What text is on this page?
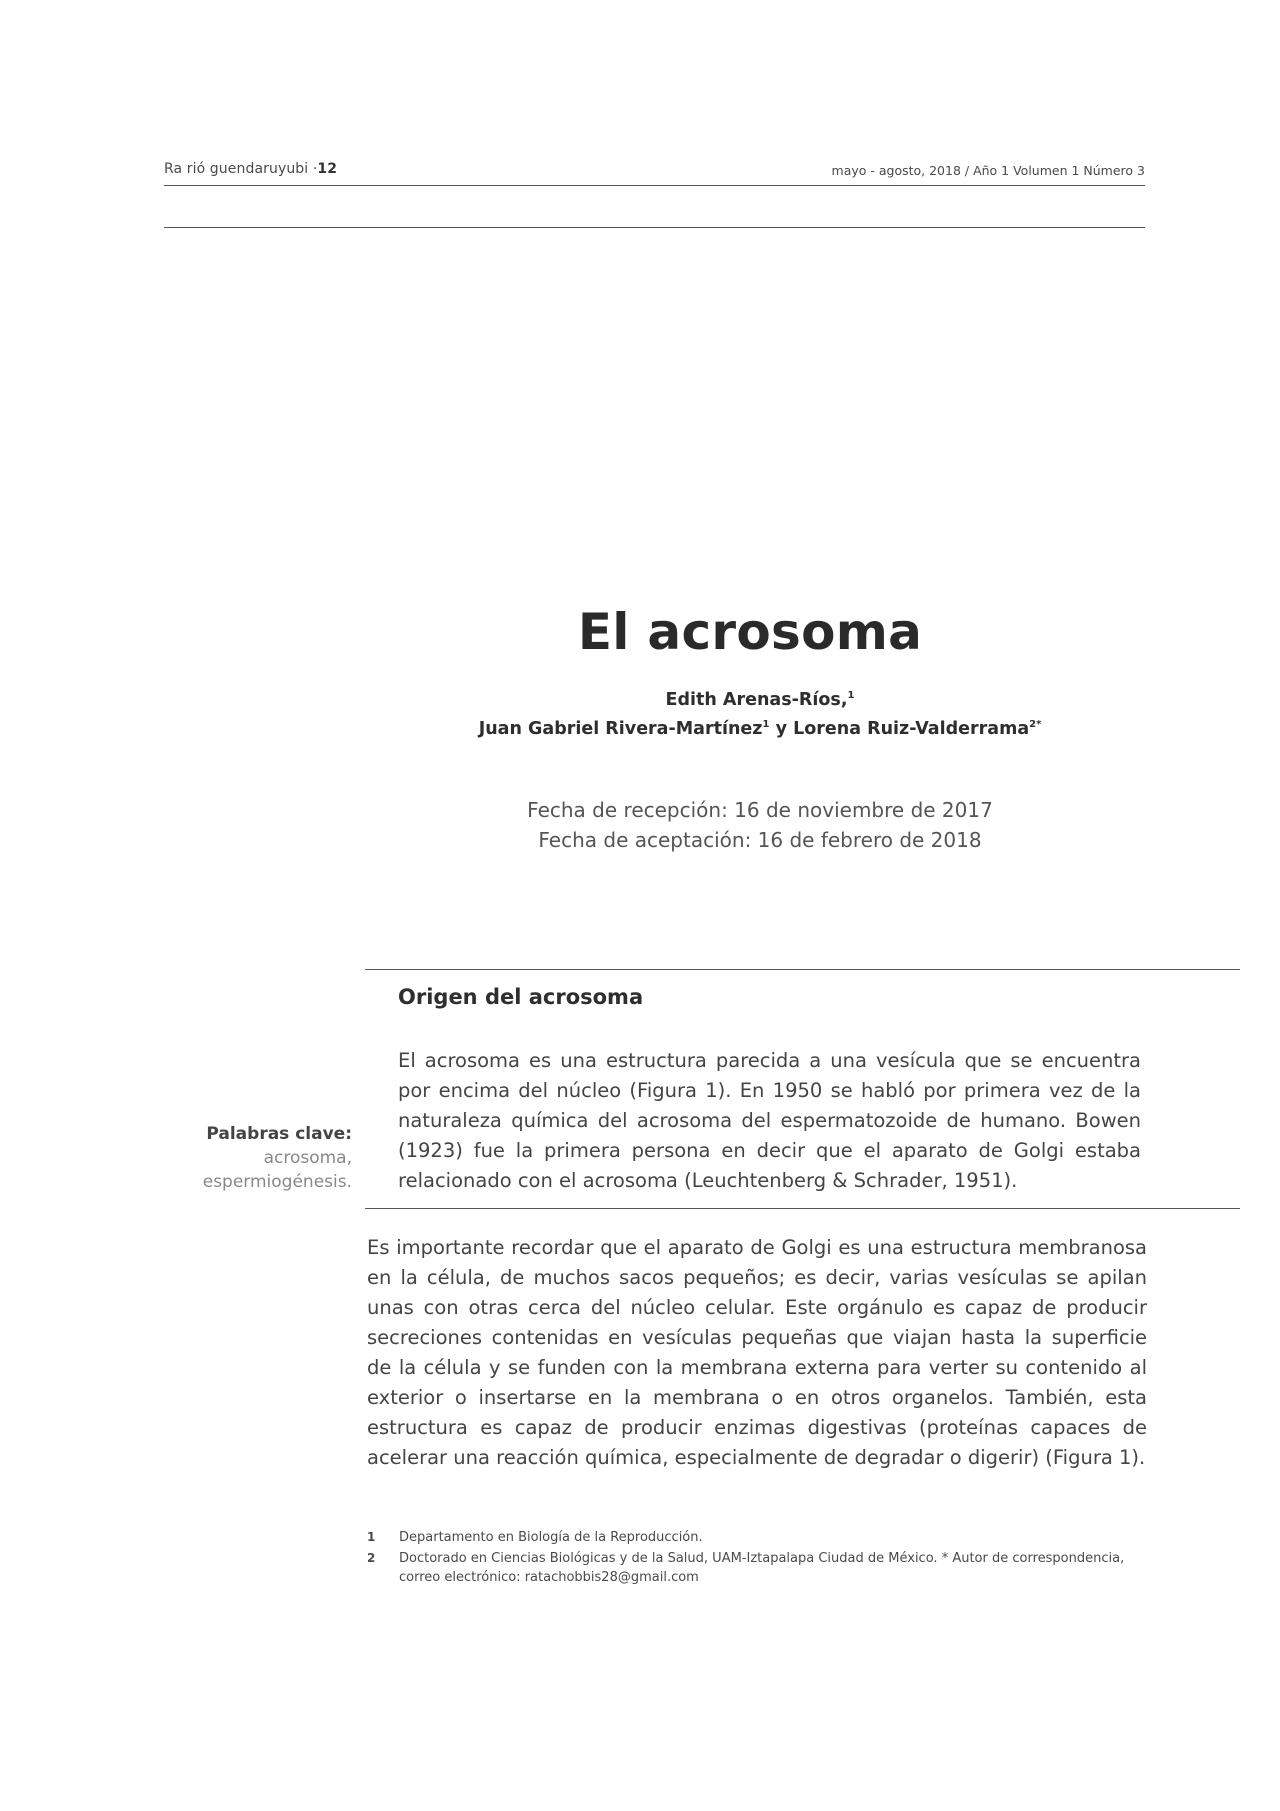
Ra rió guendaruyubi ·12	mayo - agosto, 2018 / Año 1 Volumen 1 Número 3
El acrosoma
Edith Arenas-Ríos,$^1$
Juan Gabriel Rivera-Martínez$^1$ y Lorena Ruiz-Valderrama$^{2*}$
Fecha de recepción: 16 de noviembre de 2017
Fecha de aceptación: 16 de febrero de 2018
Origen del acrosoma
El acrosoma es una estructura parecida a una vesícula que se encuentra por encima del núcleo (Figura 1). En 1950 se habló por primera vez de la naturaleza química del acrosoma del espermatozoide de humano. Bowen (1923) fue la primera persona en decir que el aparato de Golgi estaba relacionado con el acrosoma (Leuchtenberg & Schrader, 1951).
Palabras clave:
acrosoma,
espermiogénesis.
Es importante recordar que el aparato de Golgi es una estructura membranosa en la célula, de muchos sacos pequeños; es decir, varias vesículas se apilan unas con otras cerca del núcleo celular. Este orgánulo es capaz de producir secreciones contenidas en vesículas pequeñas que viajan hasta la superficie de la célula y se funden con la membrana externa para verter su contenido al exterior o insertarse en la membrana o en otros organelos. También, esta estructura es capaz de producir enzimas digestivas (proteínas capaces de acelerar una reacción química, especialmente de degradar o digerir) (Figura 1).
1 Departamento en Biología de la Reproducción.
2 Doctorado en Ciencias Biológicas y de la Salud, UAM-Iztapalapa Ciudad de México. * Autor de correspondencia, correo electrónico: ratachobbis28@gmail.com
